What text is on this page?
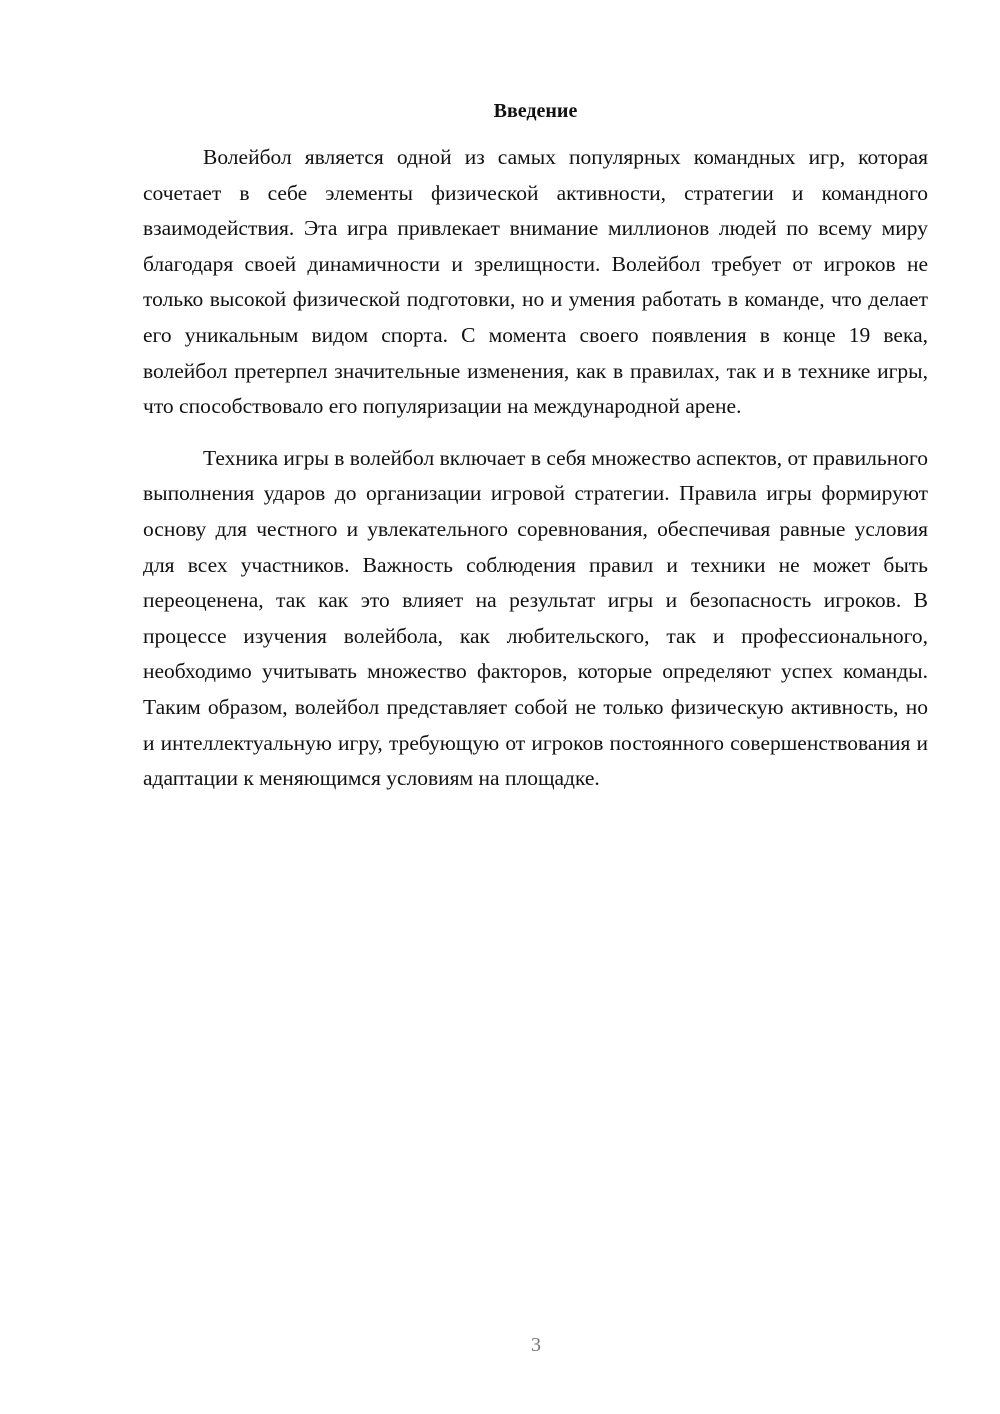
Введение

Волейбол является одной из самых популярных командных игр, которая сочетает в себе элементы физической активности, стратегии и командного взаимодействия. Эта игра привлекает внимание миллионов людей по всему миру благодаря своей динамичности и зрелищности. Волейбол требует от игроков не только высокой физической подготовки, но и умения работать в команде, что делает его уникальным видом спорта. С момента своего появления в конце 19 века, волейбол претерпел значительные изменения, как в правилах, так и в технике игры, что способствовало его популяризации на международной арене.

Техника игры в волейбол включает в себя множество аспектов, от правильного выполнения ударов до организации игровой стратегии. Правила игры формируют основу для честного и увлекательного соревнования, обеспечивая равные условия для всех участников. Важность соблюдения правил и техники не может быть переоценена, так как это влияет на результат игры и безопасность игроков. В процессе изучения волейбола, как любительского, так и профессионального, необходимо учитывать множество факторов, которые определяют успех команды. Таким образом, волейбол представляет собой не только физическую активность, но и интеллектуальную игру, требующую от игроков постоянного совершенствования и адаптации к меняющимся условиям на площадке.

3
